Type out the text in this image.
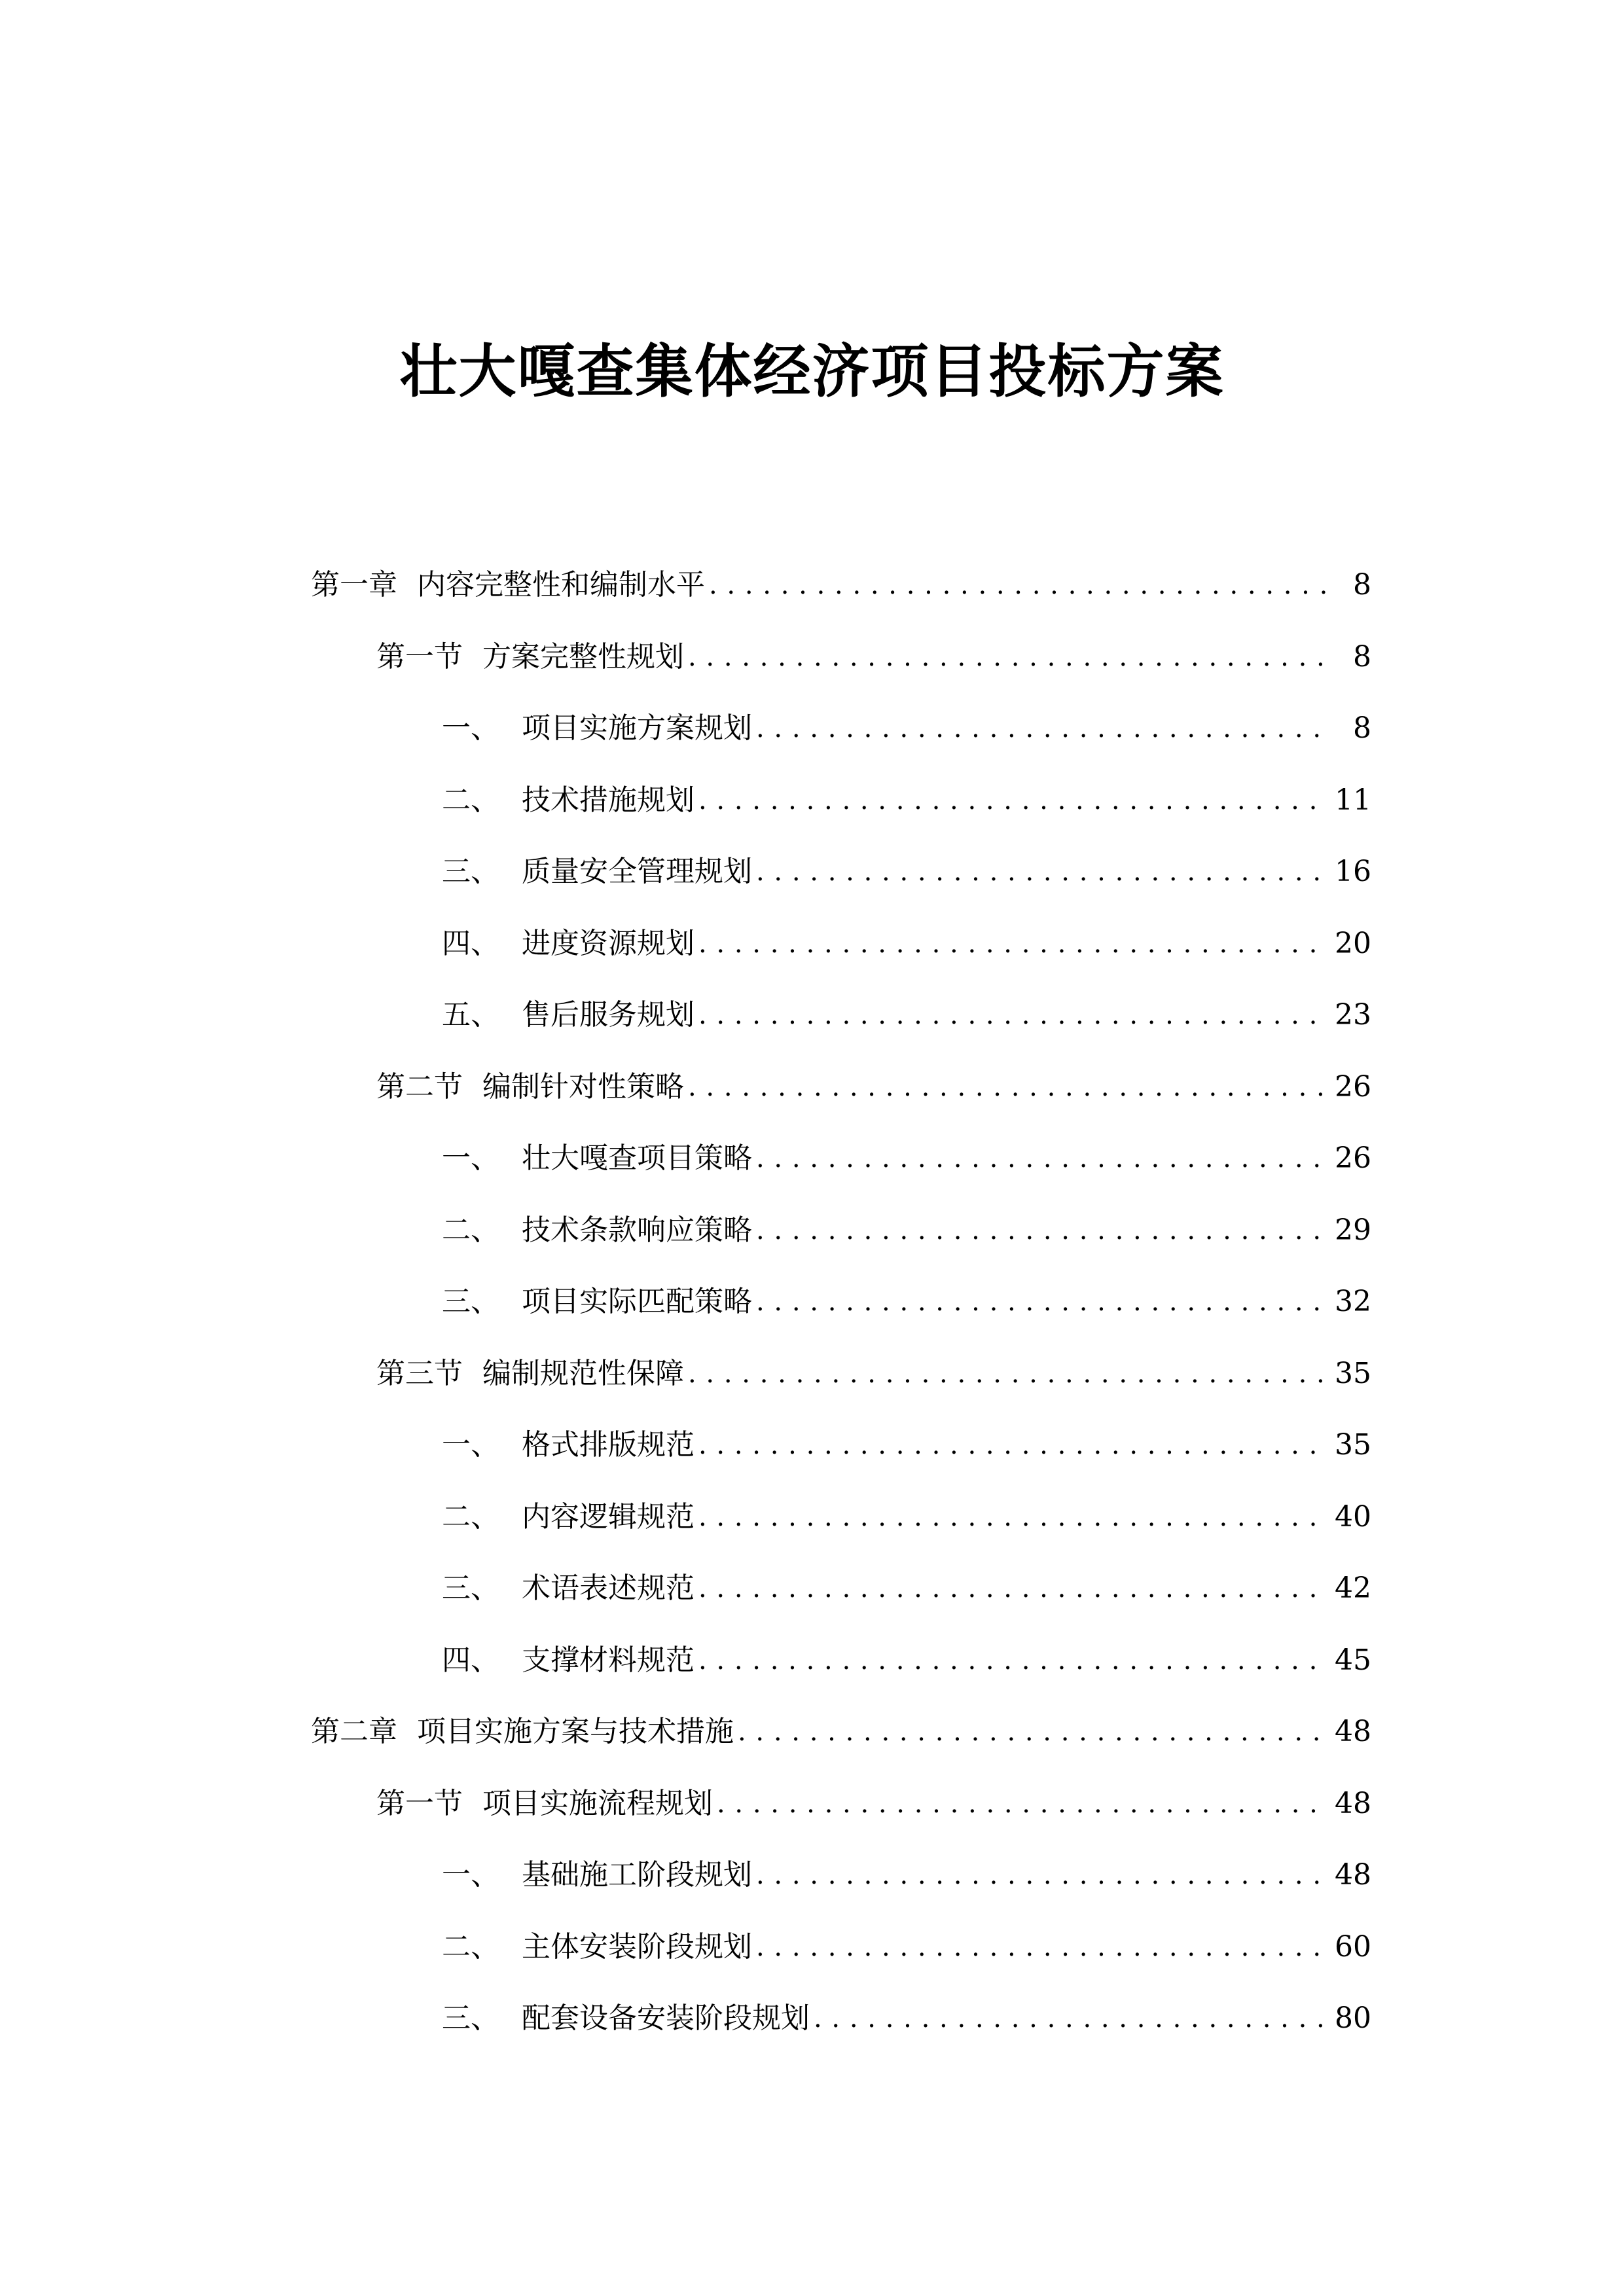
壮大嘎查集体经济项目投标方案
第一章 内容完整性和编制水平 . . .	8
第一节 方案完整性规划 . . .	8
一、 项目实施方案规划 . . .	8
二、 技术措施规划 . . .	11
三、 质量安全管理规划 . . .	16
四、 进度资源规划 . . .	20
五、 售后服务规划 . . .	23
第二节 编制针对性策略 . . .	26
一、 壮大嘎查项目策略 . . .	26
二、 技术条款响应策略 . . .	29
三、 项目实际匹配策略 . . .	32
第三节 编制规范性保障 . . .	35
一、 格式排版规范 . . .	35
二、 内容逻辑规范 . . .	40
三、 术语表述规范 . . .	42
四、 支撑材料规范 . . .	45
第二章 项目实施方案与技术措施 . . .	48
第一节 项目实施流程规划 . . .	48
一、 基础施工阶段规划 . . .	48
二、 主体安装阶段规划 . . .	60
三、 配套设备安装阶段规划 . . .	80
